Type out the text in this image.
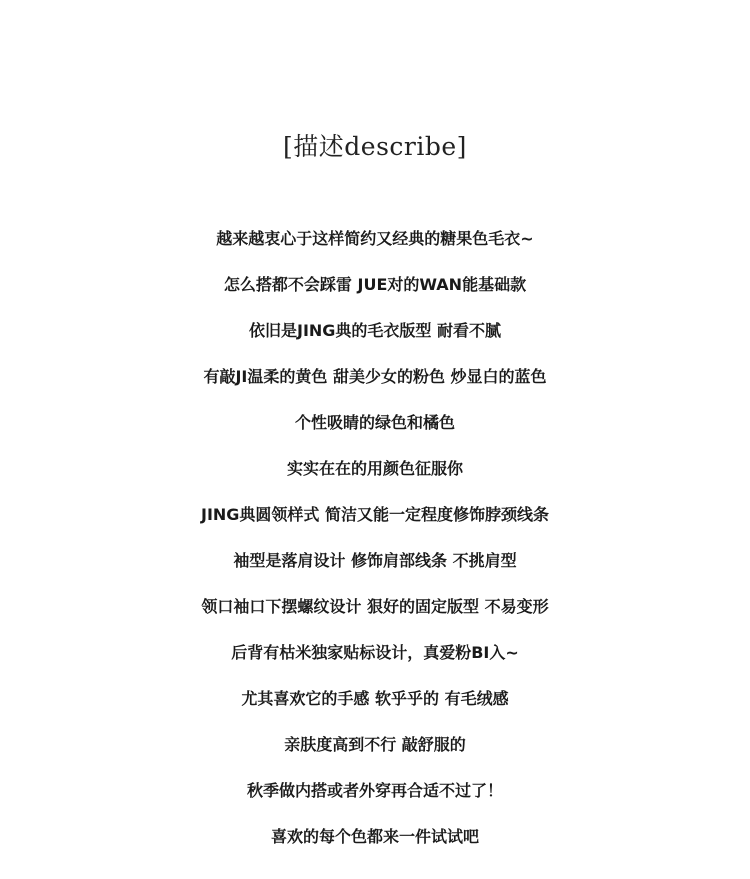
[描述describe]
越来越衷心于这样简约又经典的糖果色毛衣~
怎么搭都不会踩雷 JUE对的WAN能基础款
依旧是JING典的毛衣版型 耐看不腻
有敲JI温柔的黄色 甜美少女的粉色 炒显白的蓝色
个性吸睛的绿色和橘色
实实在在的用颜色征服你
JING典圆领样式 简洁又能一定程度修饰脖颈线条
袖型是落肩设计 修饰肩部线条 不挑肩型
领口袖口下摆螺纹设计 狠好的固定版型 不易变形
后背有枯米独家贴标设计，真爱粉BI入~
尤其喜欢它的手感 软乎乎的 有毛绒感
亲肤度高到不行 敲舒服的
秋季做内搭或者外穿再合适不过了！
喜欢的每个色都来一件试试吧
